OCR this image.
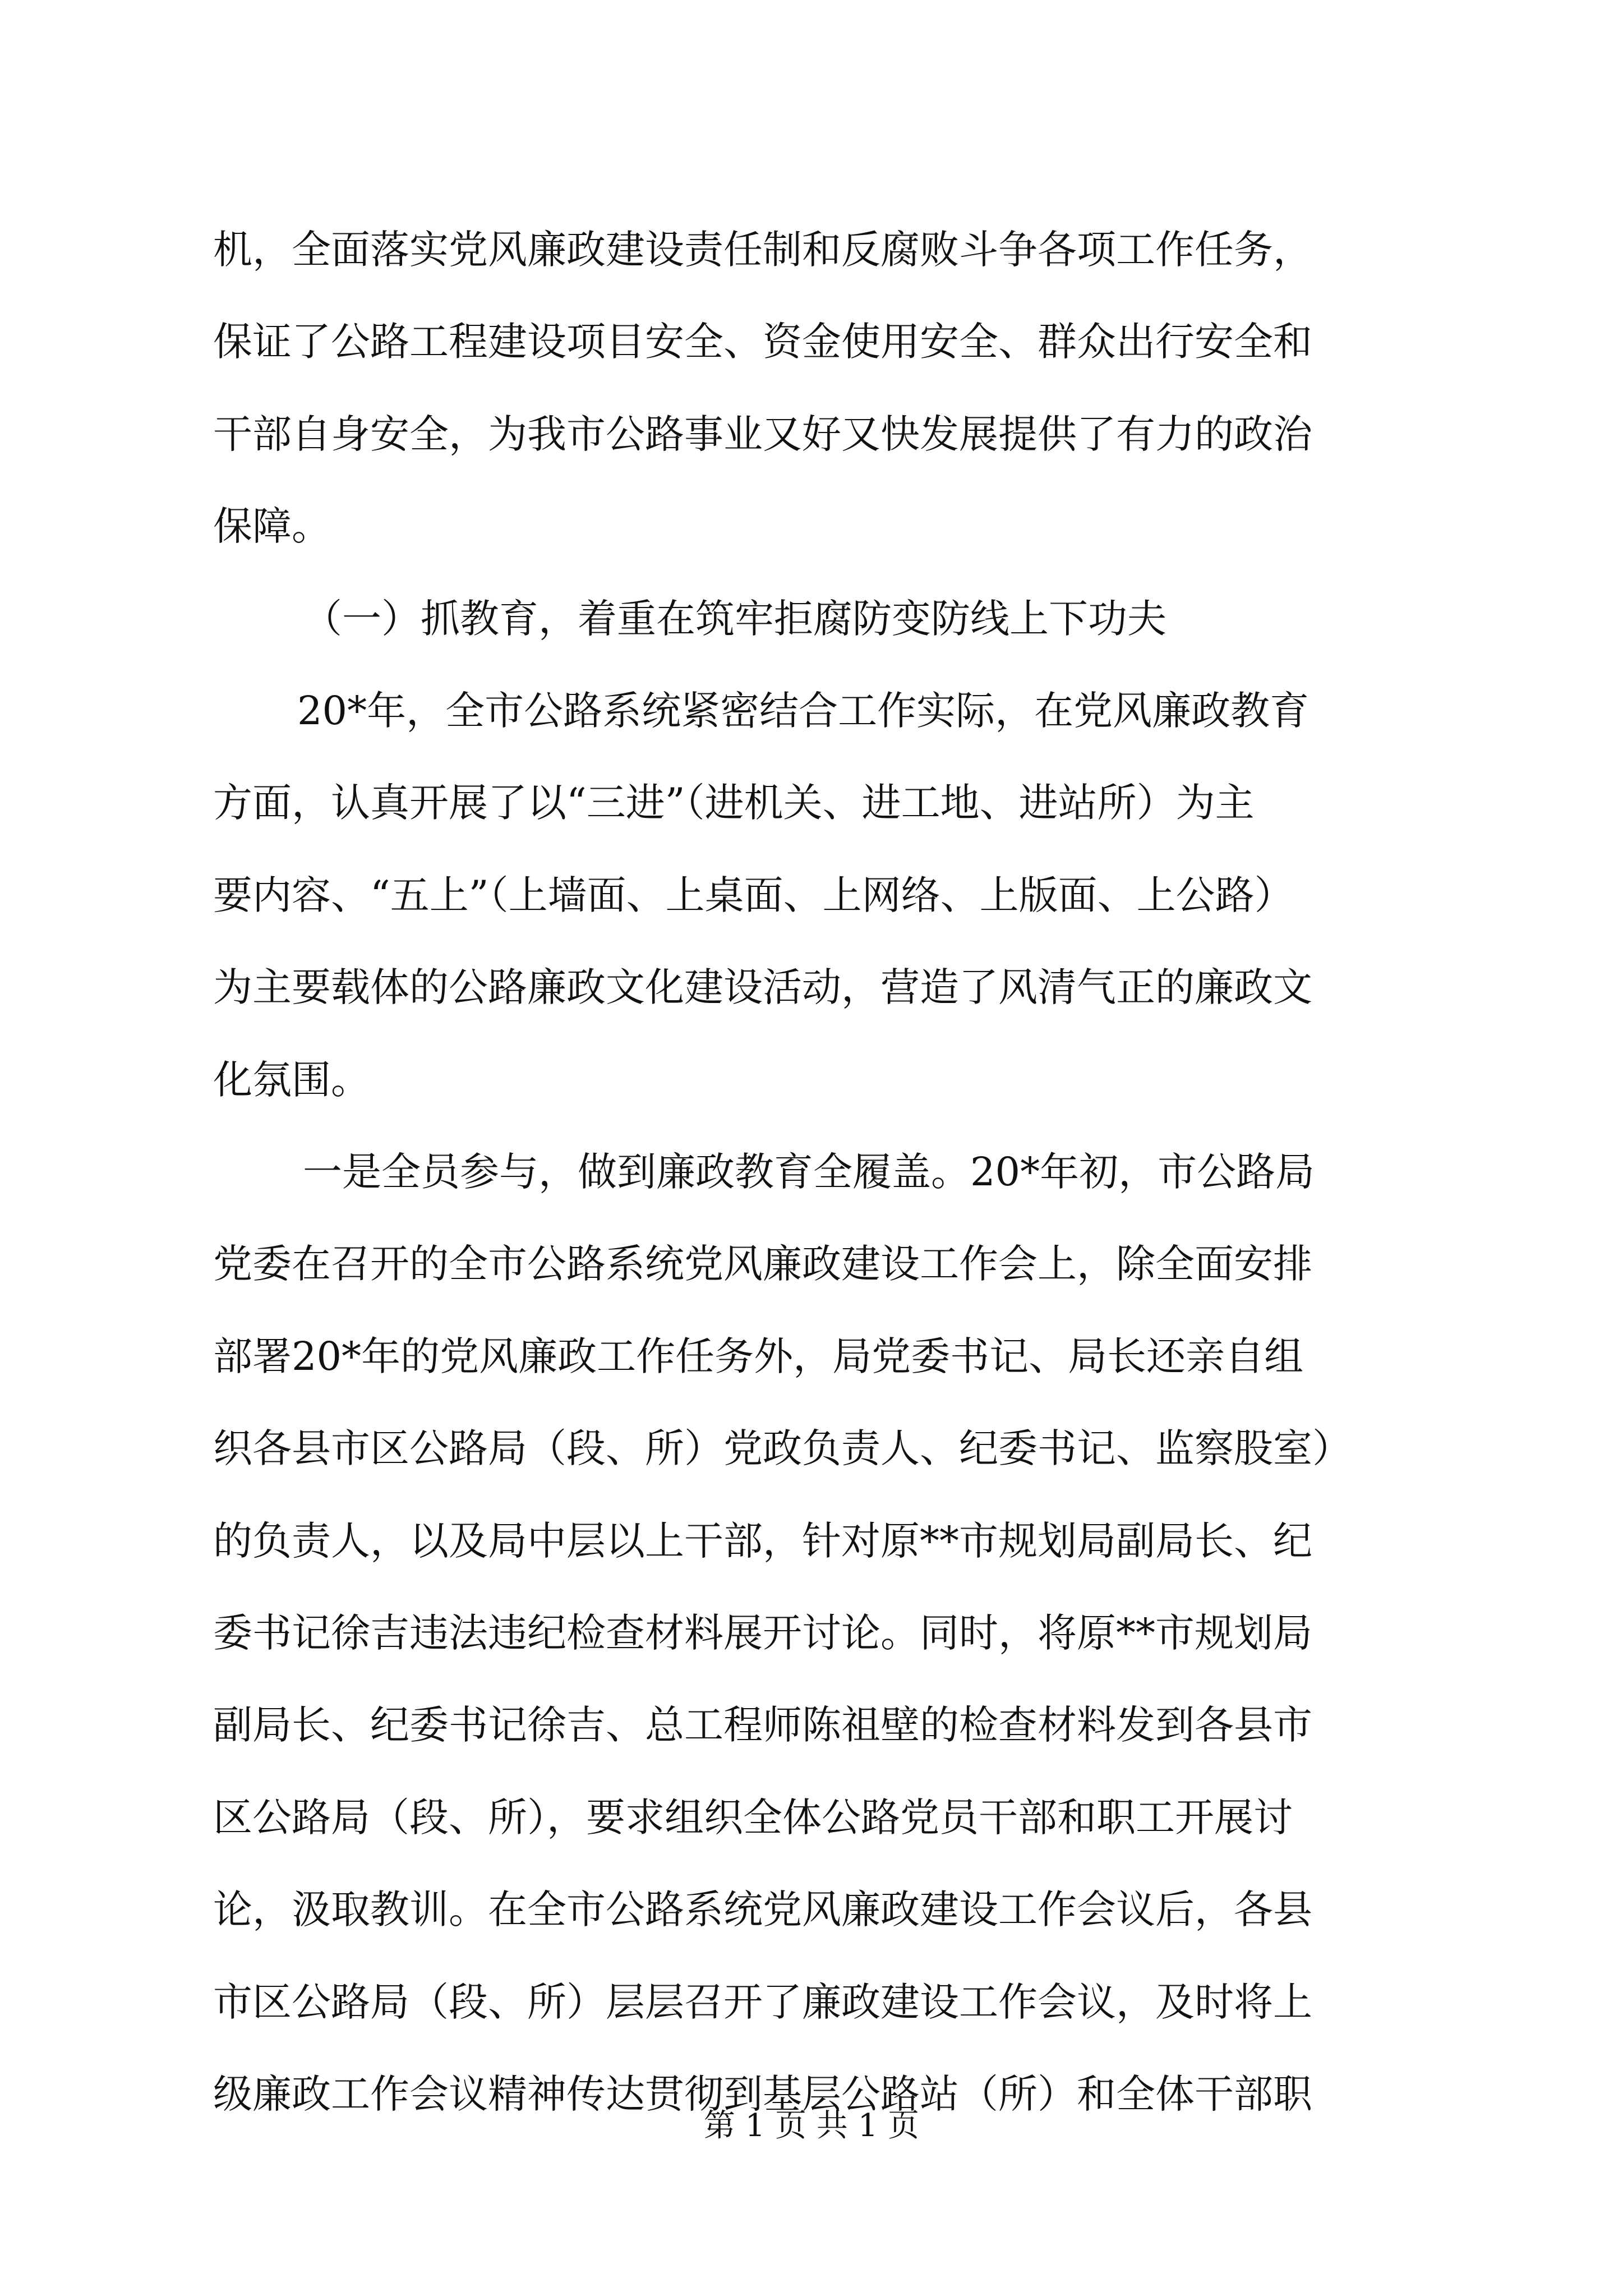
机，全面落实党风廉政建设责任制和反腐败斗争各项工作任务，
保证了公路工程建设项目安全、资金使用安全、群众出行安全和
干部自身安全，为我市公路事业又好又快发展提供了有力的政治
保障。
（一）抓教育，着重在筑牢拒腐防变防线上下功夫
20*年，全市公路系统紧密结合工作实际，在党风廉政教育
方面，认真开展了以“三进”（进机关、进工地、进站所）为主
要内容、“五上”（上墙面、上桌面、上网络、上版面、上公路）
为主要载体的公路廉政文化建设活动，营造了风清气正的廉政文
化氛围。
一是全员参与，做到廉政教育全履盖。20*年初，市公路局
党委在召开的全市公路系统党风廉政建设工作会上，除全面安排
部署20*年的党风廉政工作任务外，局党委书记、局长还亲自组
织各县市区公路局（段、所）党政负责人、纪委书记、监察股室）
的负责人，以及局中层以上干部，针对原**市规划局副局长、纪
委书记徐吉违法违纪检查材料展开讨论。同时，将原**市规划局
副局长、纪委书记徐吉、总工程师陈祖壁的检查材料发到各县市
区公路局（段、所），要求组织全体公路党员干部和职工开展讨
论，汲取教训。在全市公路系统党风廉政建设工作会议后，各县
市区公路局（段、所）层层召开了廉政建设工作会议，及时将上
级廉政工作会议精神传达贯彻到基层公路站（所）和全体干部职
第 1 页 共 1 页
